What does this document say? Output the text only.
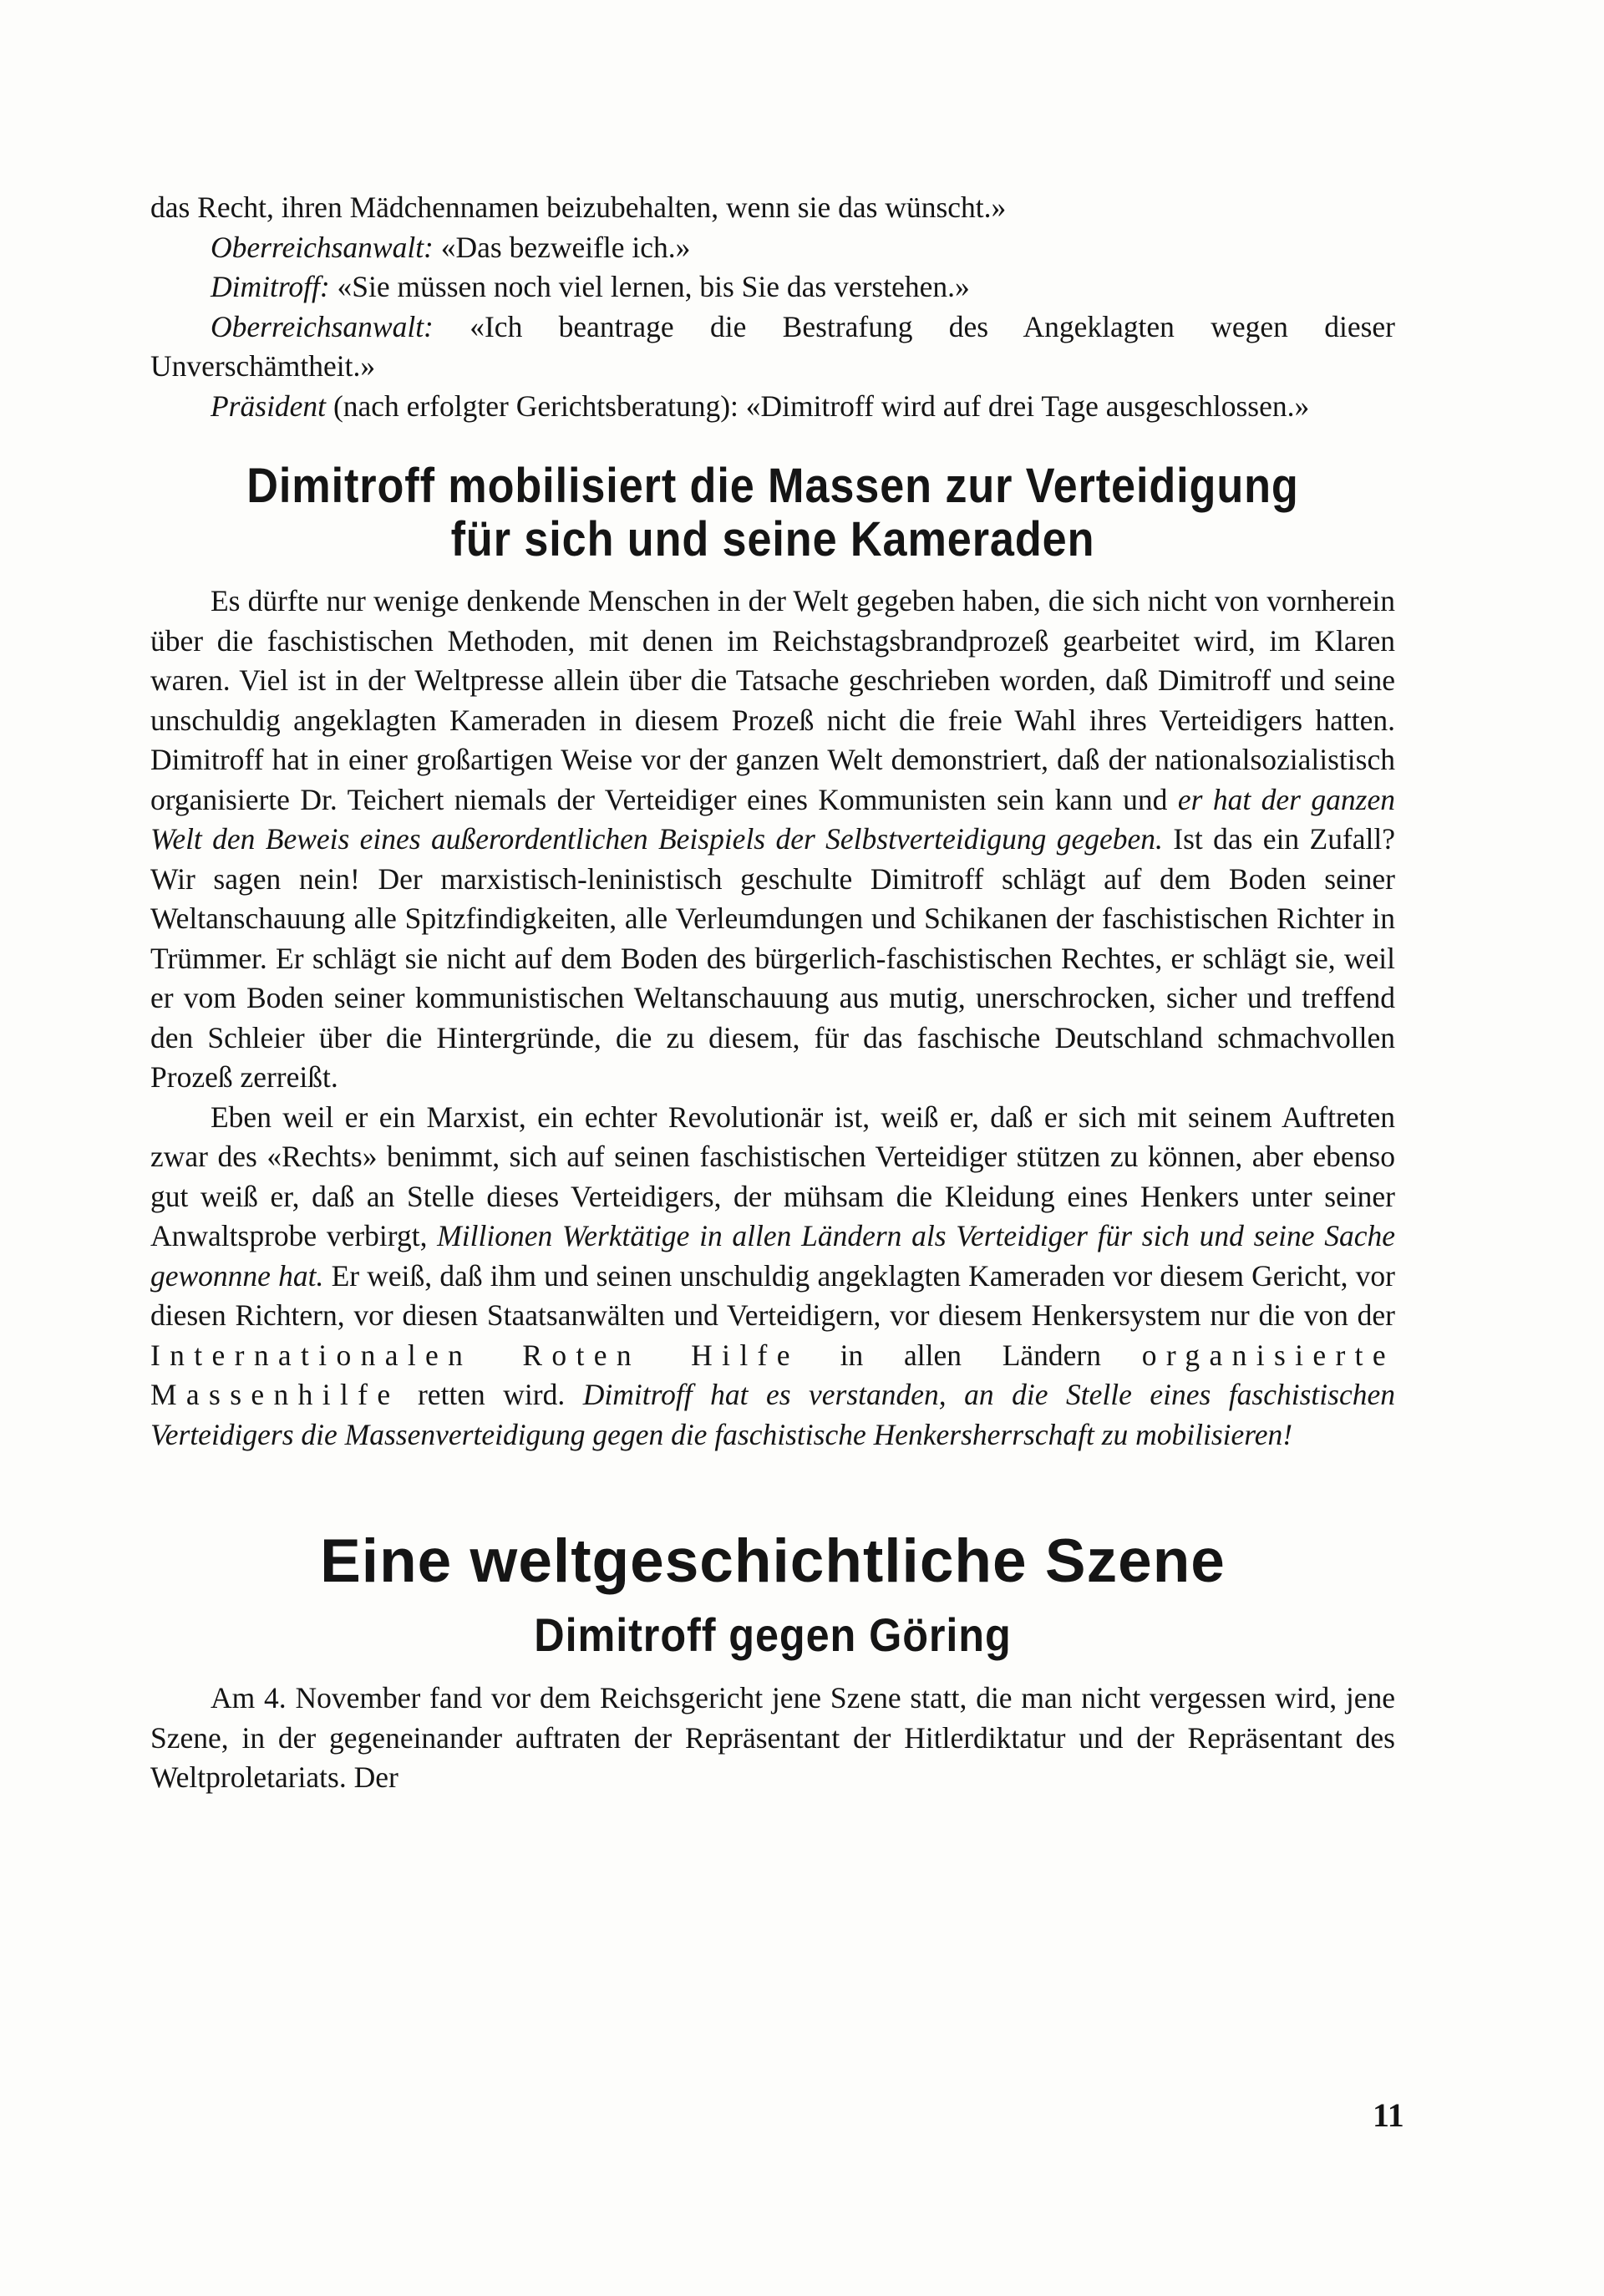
das Recht, ihren Mädchennamen beizubehalten, wenn sie das wünscht.»

Oberreichsanwalt: «Das bezweifle ich.»

Dimitroff: «Sie müssen noch viel lernen, bis Sie das verstehen.»

Oberreichsanwalt: «Ich beantrage die Bestrafung des Angeklagten wegen dieser Unverschämtheit.»

Präsident (nach erfolgter Gerichtsberatung): «Dimitroff wird auf drei Tage ausgeschlossen.»

Dimitroff mobilisiert die Massen zur Verteidigung
für sich und seine Kameraden

Es dürfte nur wenige denkende Menschen in der Welt gegeben haben, die sich nicht von vornherein über die faschistischen Methoden, mit denen im Reichstagsbrandprozeß gearbeitet wird, im Klaren waren. Viel ist in der Weltpresse allein über die Tatsache geschrieben worden, daß Dimitroff und seine unschuldig angeklagten Kameraden in diesem Prozeß nicht die freie Wahl ihres Verteidigers hatten. Dimitroff hat in einer großartigen Weise vor der ganzen Welt demonstriert, daß der nationalsozialistisch organisierte Dr. Teichert niemals der Verteidiger eines Kommunisten sein kann und er hat der ganzen Welt den Beweis eines außerordentlichen Beispiels der Selbstverteidigung gegeben. Ist das ein Zufall? Wir sagen nein! Der marxistisch-leninistisch geschulte Dimitroff schlägt auf dem Boden seiner Weltanschauung alle Spitzfindigkeiten, alle Verleumdungen und Schikanen der faschistischen Richter in Trümmer. Er schlägt sie nicht auf dem Boden des bürgerlich-faschistischen Rechtes, er schlägt sie, weil er vom Boden seiner kommunistischen Weltanschauung aus mutig, unerschrocken, sicher und treffend den Schleier über die Hintergründe, die zu diesem, für das faschische Deutschland schmachvollen Prozeß zerreißt.

Eben weil er ein Marxist, ein echter Revolutionär ist, weiß er, daß er sich mit seinem Auftreten zwar des «Rechts» benimmt, sich auf seinen faschistischen Verteidiger stützen zu können, aber ebenso gut weiß er, daß an Stelle dieses Verteidigers, der mühsam die Kleidung eines Henkers unter seiner Anwaltsprobe verbirgt, Millionen Werktätige in allen Ländern als Verteidiger für sich und seine Sache gewonnne hat. Er weiß, daß ihm und seinen unschuldig angeklagten Kameraden vor diesem Gericht, vor diesen Richtern, vor diesen Staatsanwälten und Verteidigern, vor diesem Henkersystem nur die von der Internationalen Roten Hilfe in allen Ländern organisierte Massenhilfe retten wird. Dimitroff hat es verstanden, an die Stelle eines faschistischen Verteidigers die Massenverteidigung gegen die faschistische Henkersherrschaft zu mobilisieren!

Eine weltgeschichtliche Szene
Dimitroff gegen Göring

Am 4. November fand vor dem Reichsgericht jene Szene statt, die man nicht vergessen wird, jene Szene, in der gegeneinander auftraten der Repräsentant der Hitlerdiktatur und der Repräsentant des Weltproletariats. Der

11
